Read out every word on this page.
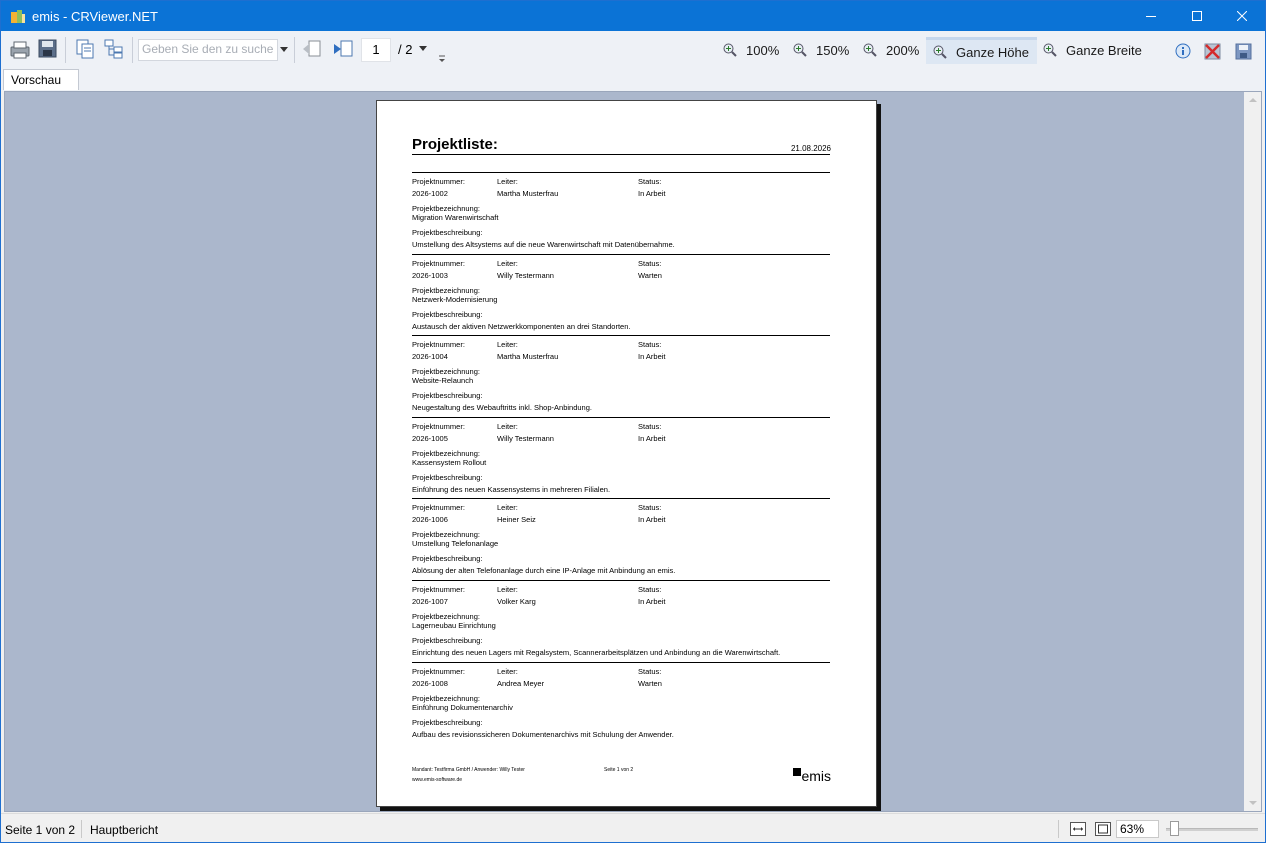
emis - CRViewer.NET
Geben Sie den zu suchenden Text ein
1	/ 2	100%	150%	200%	Ganze Höhe	Ganze Breite
Vorschau
Projektliste:	21.08.2026
Mandant: Testfirma GmbH / Anwender: Willy Tester	Seite 1 von 2
www.emis-software.de	emis
Projektnummer:	Leiter:	Status:
2026-1002	Martha Musterfrau	In Arbeit
Projektbezeichnung:
Migration Warenwirtschaft
Projektbeschreibung:
Umstellung des Altsystems auf die neue Warenwirtschaft mit Datenübernahme.
Projektnummer:	Leiter:	Status:
2026-1003	Willy Testermann	Warten
Projektbezeichnung:
Netzwerk-Modernisierung
Projektbeschreibung:
Austausch der aktiven Netzwerkkomponenten an drei Standorten.
Projektnummer:	Leiter:	Status:
2026-1004	Martha Musterfrau	In Arbeit
Projektbezeichnung:
Website-Relaunch
Projektbeschreibung:
Neugestaltung des Webauftritts inkl. Shop-Anbindung.
Projektnummer:	Leiter:	Status:
2026-1005	Willy Testermann	In Arbeit
Projektbezeichnung:
Kassensystem Rollout
Projektbeschreibung:
Einführung des neuen Kassensystems in mehreren Filialen.
Projektnummer:	Leiter:	Status:
2026-1006	Heiner Seiz	In Arbeit
Projektbezeichnung:
Umstellung Telefonanlage
Projektbeschreibung:
Ablösung der alten Telefonanlage durch eine IP-Anlage mit Anbindung an emis.
Projektnummer:	Leiter:	Status:
2026-1007	Volker Karg	In Arbeit
Projektbezeichnung:
Lagerneubau Einrichtung
Projektbeschreibung:
Einrichtung des neuen Lagers mit Regalsystem, Scannerarbeitsplätzen und Anbindung an die Warenwirtschaft.
Projektnummer:	Leiter:	Status:
2026-1008	Andrea Meyer	Warten
Projektbezeichnung:
Einführung Dokumentenarchiv
Projektbeschreibung:
Aufbau des revisionssicheren Dokumentenarchivs mit Schulung der Anwender.
Seite 1 von 2 Hauptbericht	63%
